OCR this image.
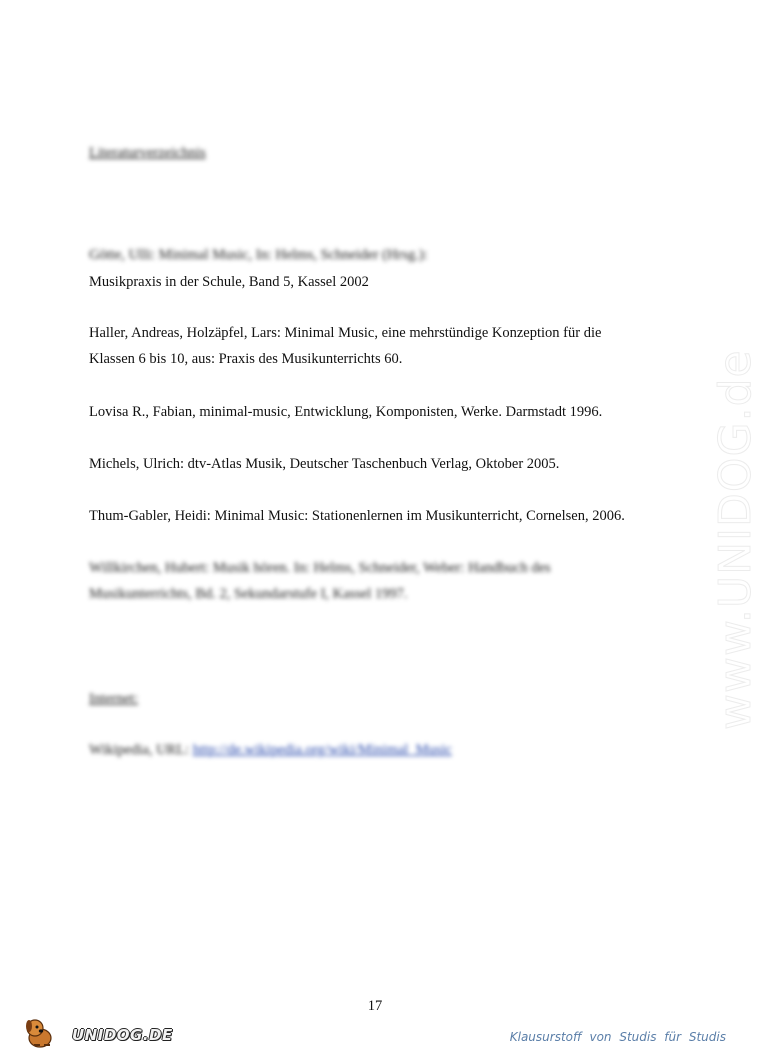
www.UNIDOG.de
Literaturverzeichnis
Götte, Ulli: Minimal Music, In: Helms, Schneider (Hrsg.):
Musikpraxis in der Schule, Band 5, Kassel 2002
Haller, Andreas, Holzäpfel, Lars: Minimal Music, eine mehrstündige Konzeption für die
Klassen 6 bis 10, aus: Praxis des Musikunterrichts 60.
Lovisa R., Fabian, minimal-music, Entwicklung, Komponisten, Werke. Darmstadt 1996.
Michels, Ulrich: dtv-Atlas Musik, Deutscher Taschenbuch Verlag, Oktober 2005.
Thum-Gabler, Heidi: Minimal Music: Stationenlernen im Musikunterricht, Cornelsen, 2006.
Willkirchen, Hubert: Musik hören. In: Helms, Schneider, Weber: Handbuch des
Musikunterrichts, Bd. 2, Sekundarstufe I, Kassel 1997.
Internet:
Wikipedia, URL: http://de.wikipedia.org/wiki/Minimal_Music
17
UNIDOG.DE	Klausurstoff von Studis für Studis
